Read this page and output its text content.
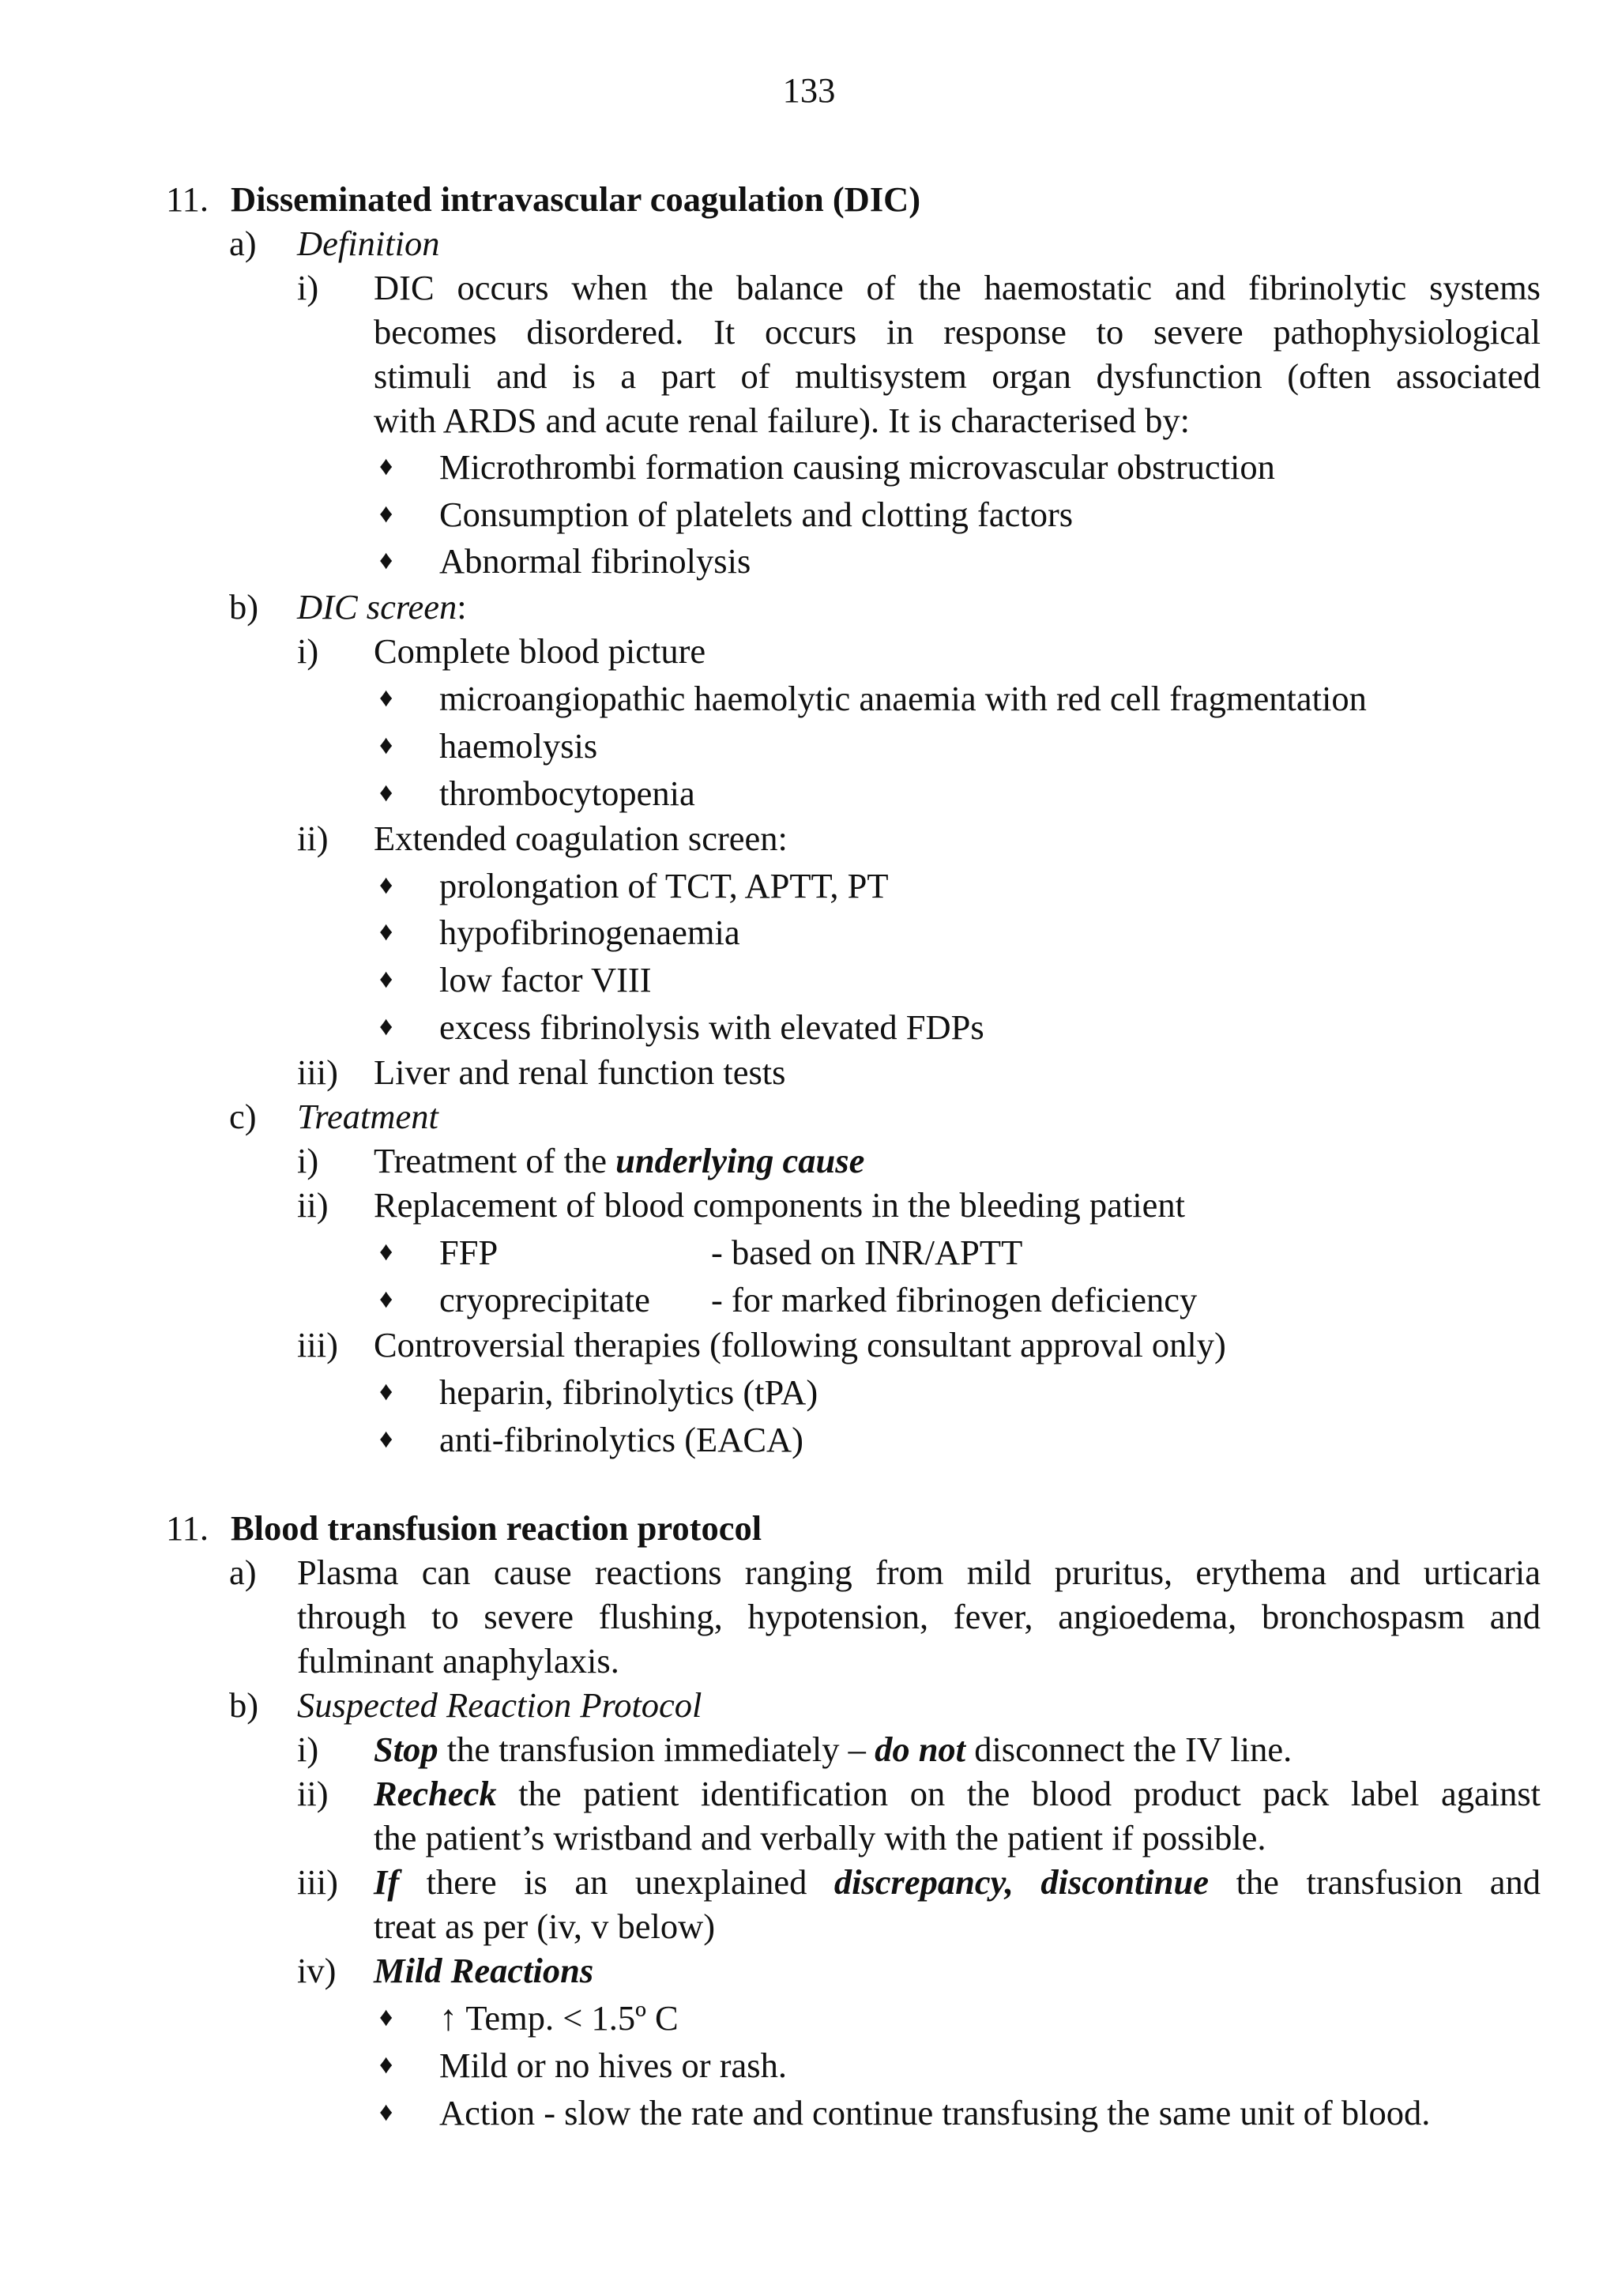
133
11. Disseminated intravascular coagulation (DIC)
a) Definition
i) DIC occurs when the balance of the haemostatic and fibrinolytic systems
becomes disordered. It occurs in response to severe pathophysiological
stimuli and is a part of multisystem organ dysfunction (often associated
with ARDS and acute renal failure). It is characterised by:
♦ Microthrombi formation causing microvascular obstruction
♦ Consumption of platelets and clotting factors
♦ Abnormal fibrinolysis
b) DIC screen:
i) Complete blood picture
♦ microangiopathic haemolytic anaemia with red cell fragmentation
♦ haemolysis
♦ thrombocytopenia
ii) Extended coagulation screen:
♦ prolongation of TCT, APTT, PT
♦ hypofibrinogenaemia
♦ low factor VIII
♦ excess fibrinolysis with elevated FDPs
iii) Liver and renal function tests
c) Treatment
i) Treatment of the underlying cause
ii) Replacement of blood components in the bleeding patient
♦ FFP	- based on INR/APTT
♦ cryoprecipitate - for marked fibrinogen deficiency
iii) Controversial therapies (following consultant approval only)
♦ heparin, fibrinolytics (tPA)
♦ anti-fibrinolytics (EACA)
11. Blood transfusion reaction protocol
a) Plasma can cause reactions ranging from mild pruritus, erythema and urticaria
through to severe flushing, hypotension, fever, angioedema, bronchospasm and
fulminant anaphylaxis.
b) Suspected Reaction Protocol
i) Stop the transfusion immediately – do not disconnect the IV line.
ii) Recheck the patient identification on the blood product pack label against
the patient’s wristband and verbally with the patient if possible.
iii) If there is an unexplained discrepancy, discontinue the transfusion and
treat as per (iv, v below)
iv) Mild Reactions
♦ ↑ Temp. < 1.5º C
♦ Mild or no hives or rash.
♦ Action - slow the rate and continue transfusing the same unit of blood.
